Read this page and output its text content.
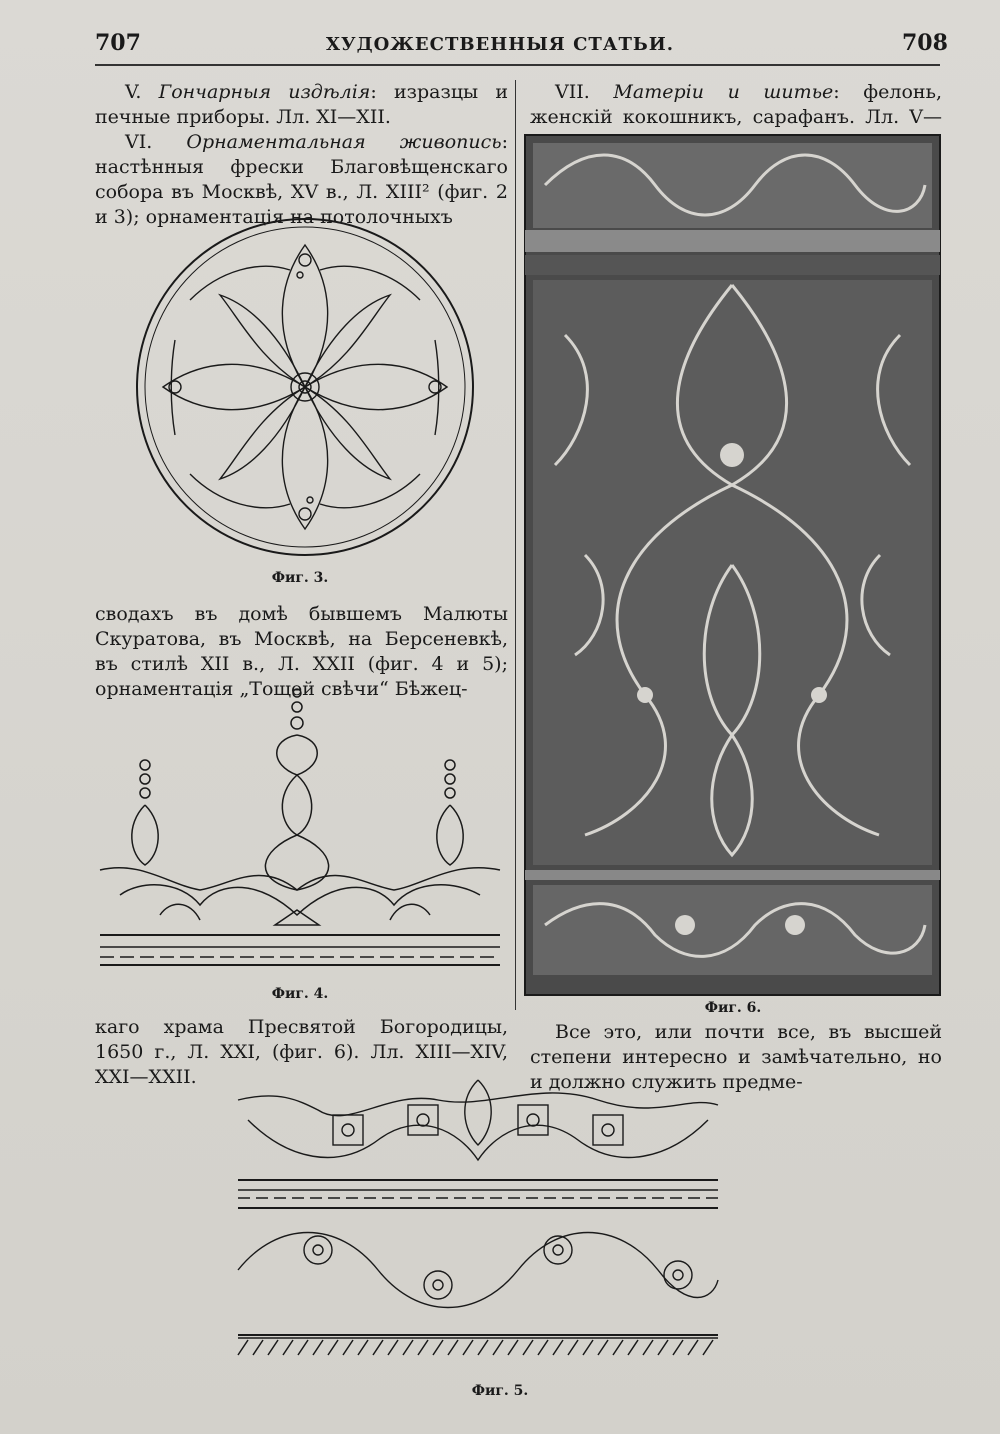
707	ХУДОЖЕСТВЕННЫЯ СТАТЬИ.	708

V. Гончарныя издѣлія: изразцы и печные приборы. Лл. XI—XII.

VI. Орнаментальная живопись: настѣнныя фрески Благовѣщенскаго собора въ Москвѣ, XV в., Л. XIII² (фиг. 2 и 3); орнаментація на потолочныхъ

Фиг. 3.

сводахъ въ домѣ бывшемъ Малюты Скуратова, въ Москвѣ, на Берсеневкѣ, въ стилѣ XII в., Л. XXII (фиг. 4 и 5); орнаментація „Тощей свѣчи“ Бѣжец-

Фиг. 4.

каго храма Пресвятой Богородицы, 1650 г., Л. XXI, (фиг. 6). Лл. XIII—XIV, XXI—XXII.

VII. Матеріи и шитье: фелонь, женскій кокошникъ, сарафанъ. Лл. V—

Фиг. 6.

Все это, или почти все, въ высшей степени интересно и замѣчательно, но и должно служить предме-

Фиг. 5.
